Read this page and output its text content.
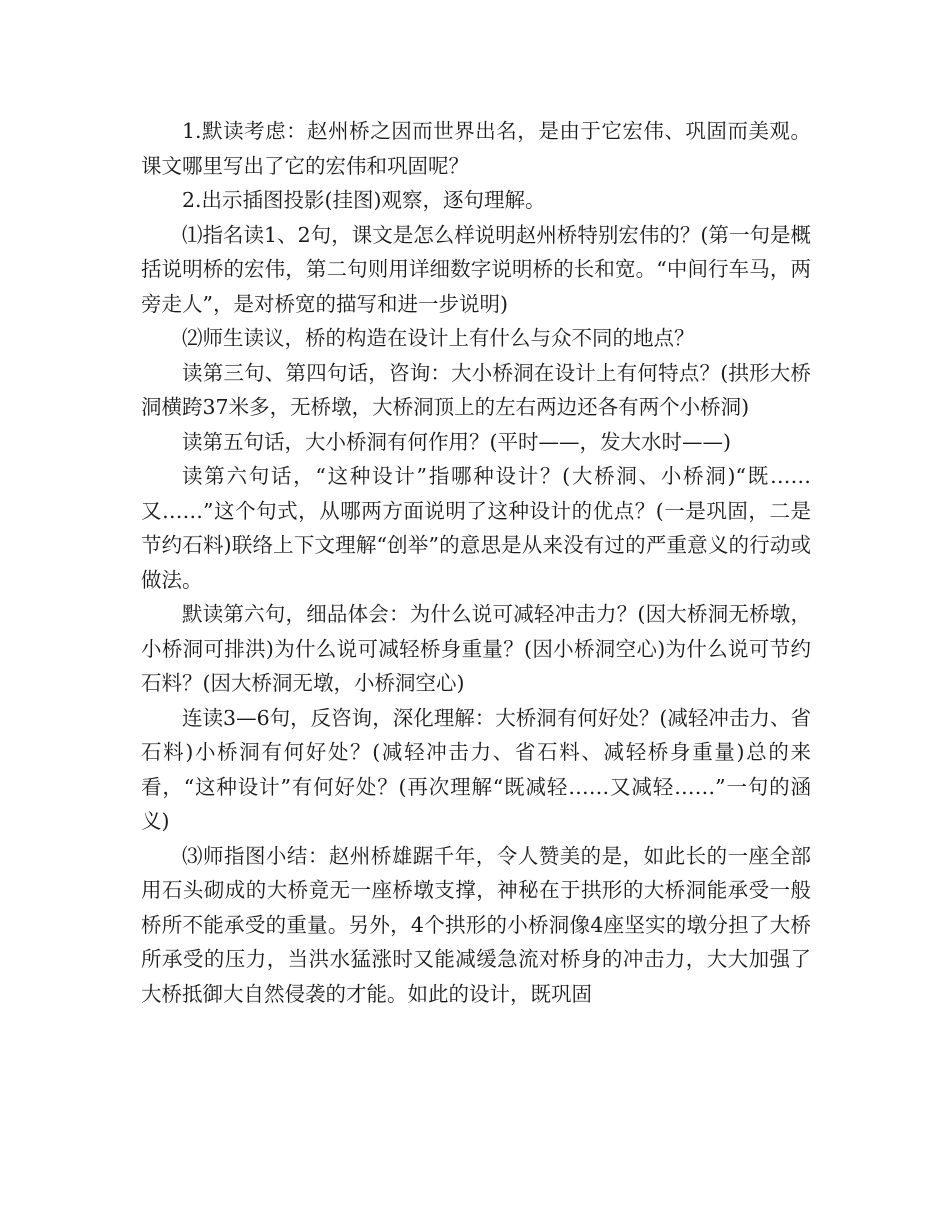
1.默读考虑：赵州桥之因而世界出名，是由于它宏伟、巩固而美观。课文哪里写出了它的宏伟和巩固呢？

2.出示插图投影(挂图)观察，逐句理解。

⑴指名读1、2句，课文是怎么样说明赵州桥特别宏伟的？(第一句是概括说明桥的宏伟，第二句则用详细数字说明桥的长和宽。“中间行车马，两旁走人”，是对桥宽的描写和进一步说明)

⑵师生读议，桥的构造在设计上有什么与众不同的地点？

读第三句、第四句话，咨询：大小桥洞在设计上有何特点？(拱形大桥洞横跨37米多，无桥墩，大桥洞顶上的左右两边还各有两个小桥洞)

读第五句话，大小桥洞有何作用？(平时——，发大水时——)

读第六句话，“这种设计”指哪种设计？(大桥洞、小桥洞)“既……又……”这个句式，从哪两方面说明了这种设计的优点？(一是巩固，二是节约石料)联络上下文理解“创举”的意思是从来没有过的严重意义的行动或做法。

默读第六句，细品体会：为什么说可减轻冲击力？(因大桥洞无桥墩，小桥洞可排洪)为什么说可减轻桥身重量？(因小桥洞空心)为什么说可节约石料？(因大桥洞无墩，小桥洞空心)

连读3—6句，反咨询，深化理解：大桥洞有何好处？(减轻冲击力、省石料)小桥洞有何好处？(减轻冲击力、省石料、减轻桥身重量)总的来看，“这种设计”有何好处？(再次理解“既减轻……又减轻……”一句的涵义)

⑶师指图小结：赵州桥雄踞千年，令人赞美的是，如此长的一座全部用石头砌成的大桥竟无一座桥墩支撑，神秘在于拱形的大桥洞能承受一般桥所不能承受的重量。另外，4个拱形的小桥洞像4座坚实的墩分担了大桥所承受的压力，当洪水猛涨时又能减缓急流对桥身的冲击力，大大加强了大桥抵御大自然侵袭的才能。如此的设计，既巩固
